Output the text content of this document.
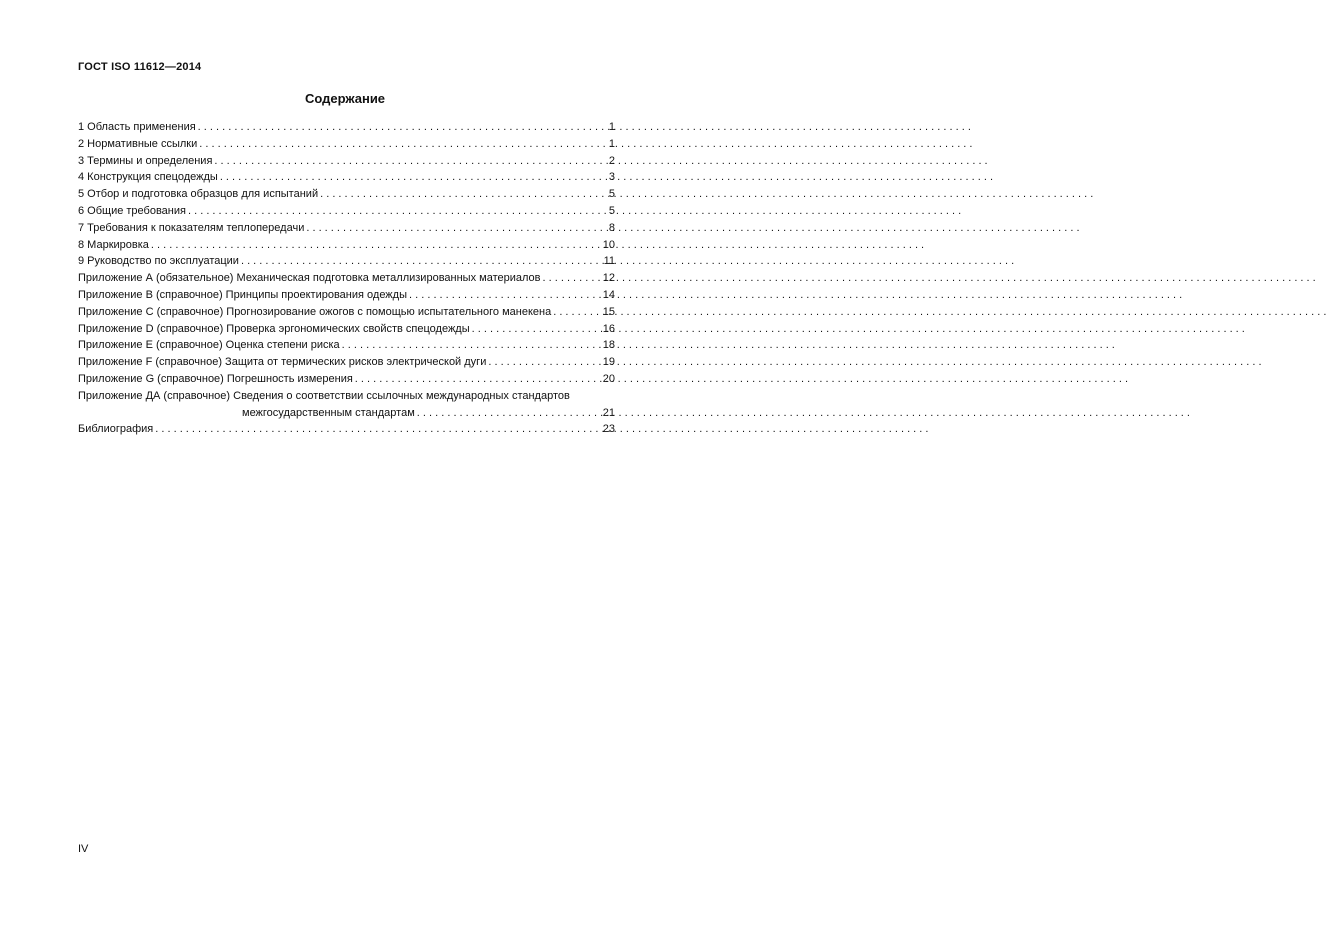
ГОСТ ISO 11612—2014
Содержание
1 Область применения . . .	1
2 Нормативные ссылки . . .	1
3 Термины и определения . . .	2
4 Конструкция спецодежды . . .	3
5 Отбор и подготовка образцов для испытаний . . .	5
6 Общие требования . . .	5
7 Требования к показателям теплопередачи . . .	8
8 Маркировка . . .	10
9 Руководство по эксплуатации . . .	11
Приложение А (обязательное) Механическая подготовка металлизированных материалов . . .	12
Приложение В (справочное) Принципы проектирования одежды . . .	14
Приложение С (справочное) Прогнозирование ожогов с помощью испытательного манекена . . .	15
Приложение D (справочное) Проверка эргономических свойств спецодежды . . .	16
Приложение Е (справочное) Оценка степени риска . . .	18
Приложение F (справочное) Защита от термических рисков электрической дуги . . .	19
Приложение G (справочное) Погрешность измерения . . .	20
Приложение ДА (справочное) Сведения о соответствии ссылочных международных стандартов
межгосударственным стандартам . . .	21
Библиография . . .	23
IV
